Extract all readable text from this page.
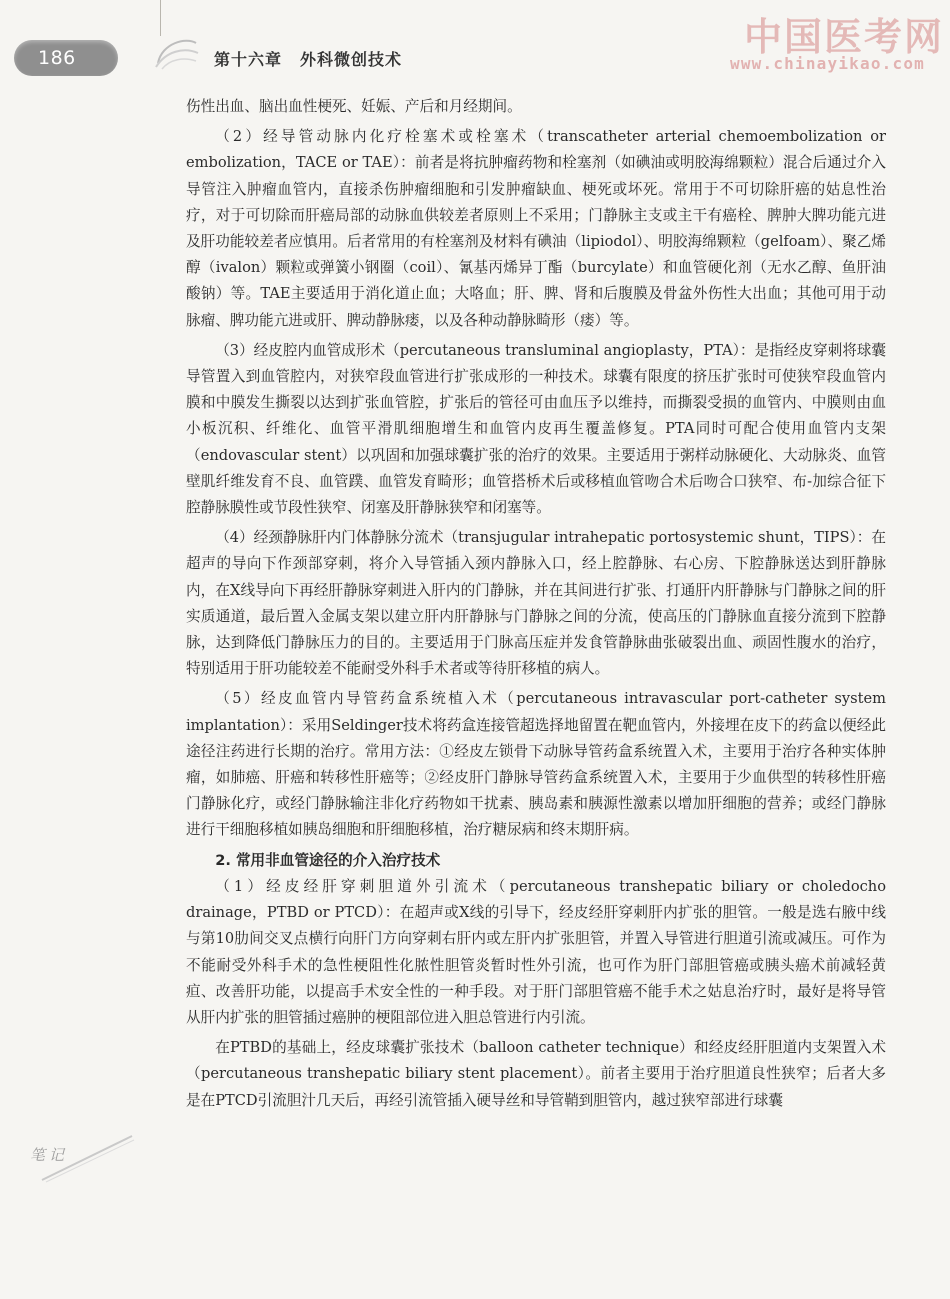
186	第十六章 外科微创技术
中国医考网
www.chinayikao.com

伤性出血、脑出血性梗死、妊娠、产后和月经期间。

（2）经导管动脉内化疗栓塞术或栓塞术（transcatheter arterial chemoembolization or embolization，TACE or TAE）：前者是将抗肿瘤药物和栓塞剂（如碘油或明胶海绵颗粒）混合后通过介入导管注入肿瘤血管内，直接杀伤肿瘤细胞和引发肿瘤缺血、梗死或坏死。常用于不可切除肝癌的姑息性治疗，对于可切除而肝癌局部的动脉血供较差者原则上不采用；门静脉主支或主干有癌栓、脾肿大脾功能亢进及肝功能较差者应慎用。后者常用的有栓塞剂及材料有碘油（lipiodol）、明胶海绵颗粒（gelfoam）、聚乙烯醇（ivalon）颗粒或弹簧小钢圈（coil）、氰基丙烯异丁酯（burcylate）和血管硬化剂（无水乙醇、鱼肝油酸钠）等。TAE主要适用于消化道止血；大咯血；肝、脾、肾和后腹膜及骨盆外伤性大出血；其他可用于动脉瘤、脾功能亢进或肝、脾动静脉瘘，以及各种动静脉畸形（瘘）等。

（3）经皮腔内血管成形术（percutaneous transluminal angioplasty，PTA）：是指经皮穿刺将球囊导管置入到血管腔内，对狭窄段血管进行扩张成形的一种技术。球囊有限度的挤压扩张时可使狭窄段血管内膜和中膜发生撕裂以达到扩张血管腔，扩张后的管径可由血压予以维持，而撕裂受损的血管内、中膜则由血小板沉积、纤维化、血管平滑肌细胞增生和血管内皮再生覆盖修复。PTA同时可配合使用血管内支架（endovascular stent）以巩固和加强球囊扩张的治疗的效果。主要适用于粥样动脉硬化、大动脉炎、血管壁肌纤维发育不良、血管蹼、血管发育畸形；血管搭桥术后或移植血管吻合术后吻合口狭窄、布-加综合征下腔静脉膜性或节段性狭窄、闭塞及肝静脉狭窄和闭塞等。

（4）经颈静脉肝内门体静脉分流术（transjugular intrahepatic portosystemic shunt，TIPS）：在超声的导向下作颈部穿刺，将介入导管插入颈内静脉入口，经上腔静脉、右心房、下腔静脉送达到肝静脉内，在X线导向下再经肝静脉穿刺进入肝内的门静脉，并在其间进行扩张、打通肝内肝静脉与门静脉之间的肝实质通道，最后置入金属支架以建立肝内肝静脉与门静脉之间的分流，使高压的门静脉血直接分流到下腔静脉，达到降低门静脉压力的目的。主要适用于门脉高压症并发食管静脉曲张破裂出血、顽固性腹水的治疗，特别适用于肝功能较差不能耐受外科手术者或等待肝移植的病人。

（5）经皮血管内导管药盒系统植入术（percutaneous intravascular port-catheter system implantation）：采用Seldinger技术将药盒连接管超选择地留置在靶血管内，外接埋在皮下的药盒以便经此途径注药进行长期的治疗。常用方法：①经皮左锁骨下动脉导管药盒系统置入术，主要用于治疗各种实体肿瘤，如肺癌、肝癌和转移性肝癌等；②经皮肝门静脉导管药盒系统置入术，主要用于少血供型的转移性肝癌门静脉化疗，或经门静脉输注非化疗药物如干扰素、胰岛素和胰源性激素以增加肝细胞的营养；或经门静脉进行干细胞移植如胰岛细胞和肝细胞移植，治疗糖尿病和终末期肝病。

2. 常用非血管途径的介入治疗技术

（1）经皮经肝穿刺胆道外引流术（percutaneous transhepatic biliary or choledocho drainage，PTBD or PTCD）：在超声或X线的引导下，经皮经肝穿刺肝内扩张的胆管。一般是选右腋中线与第10肋间交叉点横行向肝门方向穿刺右肝内或左肝内扩张胆管，并置入导管进行胆道引流或减压。可作为不能耐受外科手术的急性梗阻性化脓性胆管炎暂时性外引流，也可作为肝门部胆管癌或胰头癌术前减轻黄疸、改善肝功能，以提高手术安全性的一种手段。对于肝门部胆管癌不能手术之姑息治疗时，最好是将导管从肝内扩张的胆管插过癌肿的梗阻部位进入胆总管进行内引流。

在PTBD的基础上，经皮球囊扩张技术（balloon catheter technique）和经皮经肝胆道内支架置入术（percutaneous transhepatic biliary stent placement）。前者主要用于治疗胆道良性狭窄；后者大多是在PTCD引流胆汁几天后，再经引流管插入硬导丝和导管鞘到胆管内，越过狭窄部进行球囊

笔记
